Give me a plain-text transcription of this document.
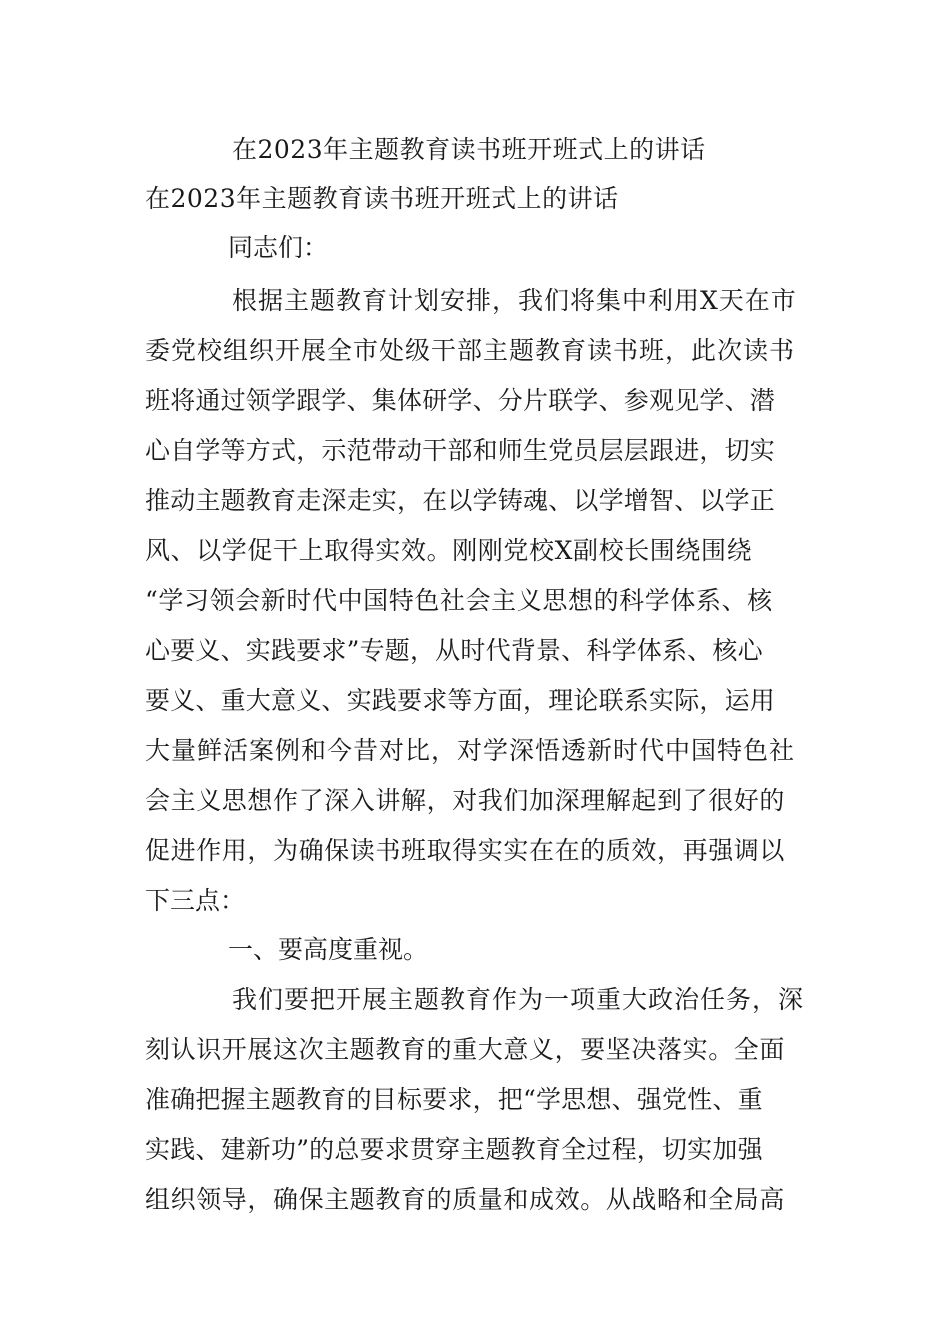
在2023年主题教育读书班开班式上的讲话
在2023年主题教育读书班开班式上的讲话
同志们：
根据主题教育计划安排，我们将集中利用X天在市
委党校组织开展全市处级干部主题教育读书班，此次读书
班将通过领学跟学、集体研学、分片联学、参观见学、潜
心自学等方式，示范带动干部和师生党员层层跟进，切实
推动主题教育走深走实，在以学铸魂、以学增智、以学正
风、以学促干上取得实效。刚刚党校X副校长围绕围绕
“学习领会新时代中国特色社会主义思想的科学体系、核
心要义、实践要求”专题，从时代背景、科学体系、核心
要义、重大意义、实践要求等方面，理论联系实际，运用
大量鲜活案例和今昔对比，对学深悟透新时代中国特色社
会主义思想作了深入讲解，对我们加深理解起到了很好的
促进作用，为确保读书班取得实实在在的质效，再强调以
下三点：
一、要高度重视。
我们要把开展主题教育作为一项重大政治任务，深
刻认识开展这次主题教育的重大意义，要坚决落实。全面
准确把握主题教育的目标要求，把“学思想、强党性、重
实践、建新功”的总要求贯穿主题教育全过程，切实加强
组织领导，确保主题教育的质量和成效。从战略和全局高
